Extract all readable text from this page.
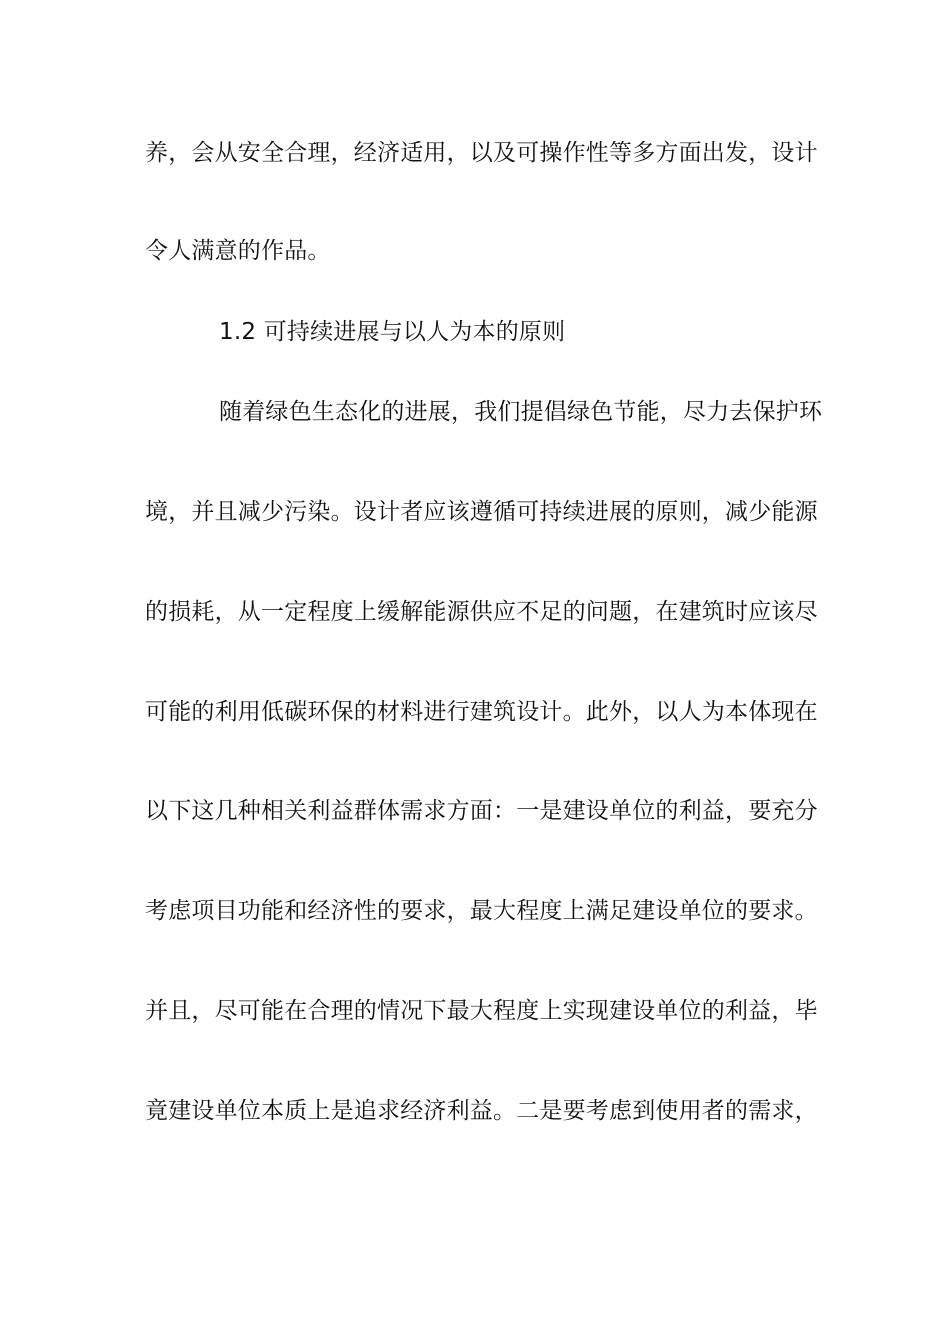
养，会从安全合理，经济适用，以及可操作性等多方面出发，设计
令人满意的作品。
1.2 可持续进展与以人为本的原则
随着绿色生态化的进展，我们提倡绿色节能，尽力去保护环
境，并且减少污染。设计者应该遵循可持续进展的原则，减少能源
的损耗，从一定程度上缓解能源供应不足的问题，在建筑时应该尽
可能的利用低碳环保的材料进行建筑设计。此外，以人为本体现在
以下这几种相关利益群体需求方面：一是建设单位的利益，要充分
考虑项目功能和经济性的要求，最大程度上满足建设单位的要求。
并且，尽可能在合理的情况下最大程度上实现建设单位的利益，毕
竟建设单位本质上是追求经济利益。二是要考虑到使用者的需求，
